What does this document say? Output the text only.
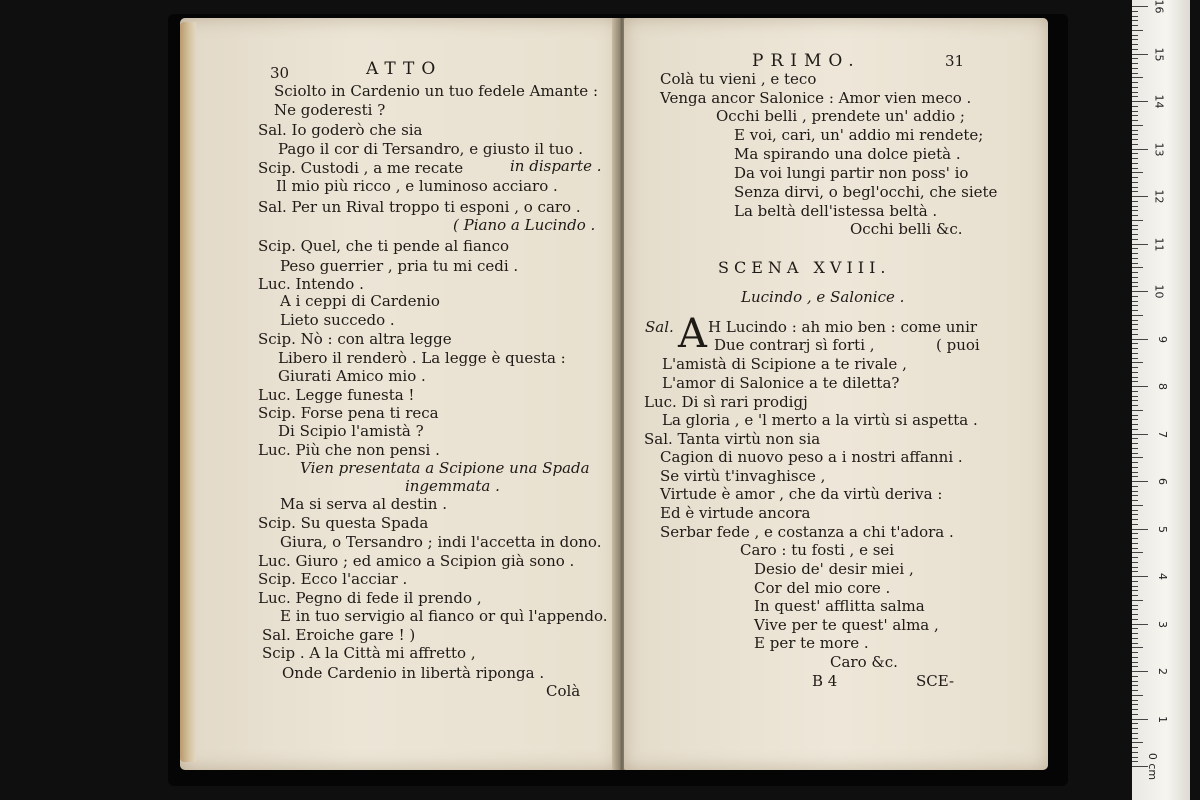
30	ATTO
Sciolto in Cardenio un tuo fedele Amante :
Ne goderesti ?
Sal. Io goderò che sia
Pago il cor di Tersandro, e giusto il tuo .
Scip. Custodi , a me recate	in disparte .
Il mio più ricco , e luminoso acciaro .
Sal. Per un Rival troppo ti esponi , o caro .
( Piano a Lucindo .
Scip. Quel, che ti pende al fianco
Peso guerrier , pria tu mi cedi .
Luc. Intendo .
A i ceppi di Cardenio
Lieto succedo .
Scip. Nò : con altra legge
Libero il renderò . La legge è questa :
Giurati Amico mio .
Luc. Legge funesta !
Scip. Forse pena ti reca
Di Scipio l'amistà ?
Luc. Più che non pensi .
Vien presentata a Scipione una Spada
ingemmata .
Ma si serva al destin .
Scip. Su questa Spada
Giura, o Tersandro ; indi l'accetta in dono.
Luc. Giuro ; ed amico a Scipion già sono .
Scip. Ecco l'acciar .
Luc. Pegno di fede il prendo ,
E in tuo servigio al fianco or quì l'appendo.
Sal. Eroiche gare ! )
Scip . A la Città mi affretto ,
Onde Cardenio in libertà riponga .
Colà
PRIMO.	31
Colà tu vieni , e teco
Venga ancor Salonice : Amor vien meco .
Occhi belli , prendete un' addio ;
E voi, cari, un' addio mi rendete;
Ma spirando una dolce pietà .
Da voi lungi partir non poss' io
Senza dirvi, o begl'occhi, che siete
La beltà dell'istessa beltà .
Occhi belli &c.
SCENA XVIII.
Lucindo , e Salonice .
Sal. A H Lucindo : ah mio ben : come unir
Due contrarj sì forti ,	( puoi
L'amistà di Scipione a te rivale ,
L'amor di Salonice a te diletta?
Luc. Di sì rari prodigj
La gloria , e 'l merto a la virtù si aspetta .
Sal. Tanta virtù non sia
Cagion di nuovo peso a i nostri affanni .
Se virtù t'invaghisce ,
Virtude è amor , che da virtù deriva :
Ed è virtude ancora
Serbar fede , e costanza a chi t'adora .
Caro : tu fosti , e sei
Desio de' desir miei ,
Cor del mio core .
In quest' afflitta salma
Vive per te quest' alma ,
E per te more .
Caro &c.
B 4	SCE-
16
15
14
13
12
11
10
9
8
7
6
5
4
3
2
1
0 cm
